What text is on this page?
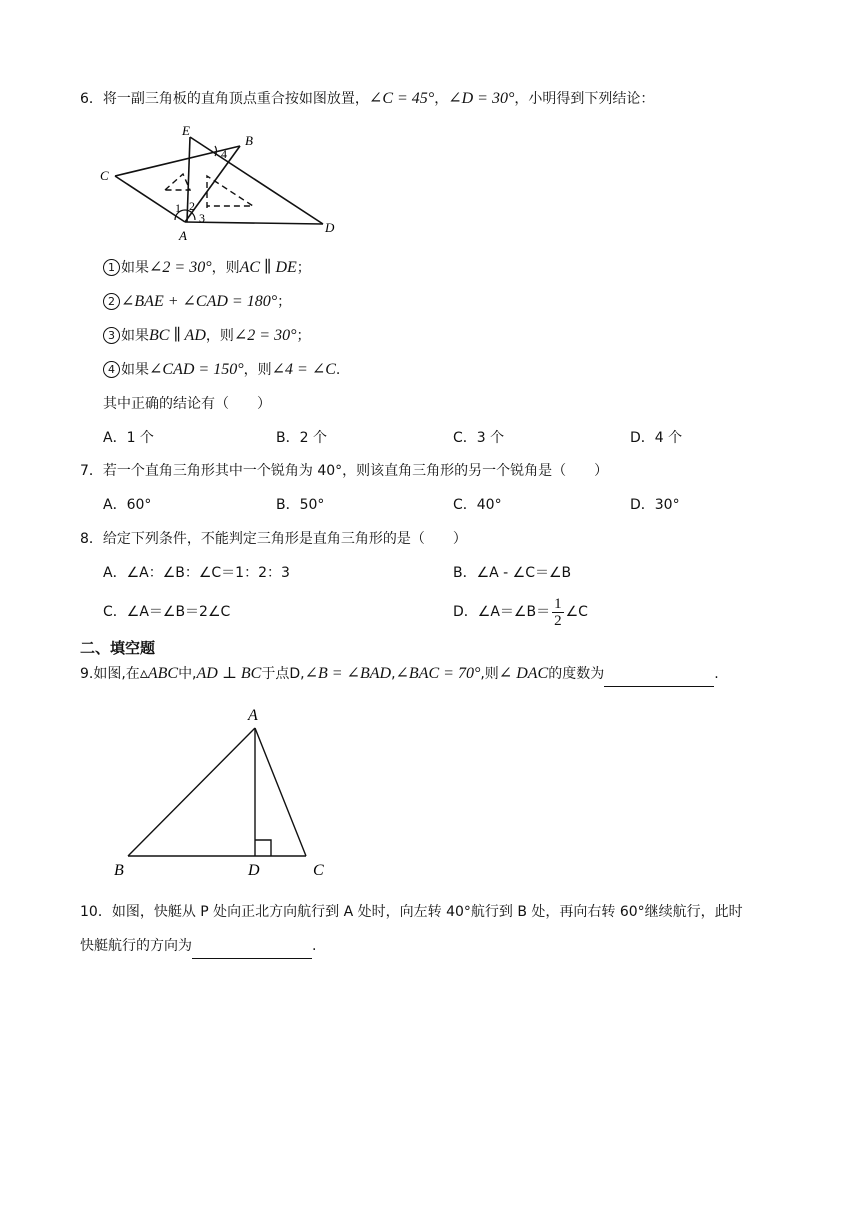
6．将一副三角板的直角顶点重合按如图放置，∠C = 45°，∠D = 30°，小明得到下列结论：
E
B
C
A
D
1 2
3
4
1 如果∠2 = 30°，则AC ∥ DE；
2 ∠BAE + ∠CAD = 180°；
3 如果BC ∥ AD，则∠2 = 30°；
4 如果∠CAD = 150°，则∠4 = ∠C.
其中正确的结论有（　　）
A．1 个	B．2 个	C．3 个	D．4 个
7．若一个直角三角形其中一个锐角为 40°，则该直角三角形的另一个锐角是（　　）
A．60°	B．50°	C．40°	D．30°
8．给定下列条件，不能判定三角形是直角三角形的是（　　）
A．∠A：∠B：∠C＝1：2：3	B．∠A - ∠C＝∠B
C．∠A＝∠B＝2∠C	D．∠A＝∠B＝ $\frac{1}{2}$ ∠C
二、填空题
9.如图,在▵ABC中,AD ⊥ BC于点D,∠B = ∠BAD,∠BAC = 70°,则∠ DAC的度数为	.
A
B	D	C
10．如图，快艇从 P 处向正北方向航行到 A 处时，向左转 40°航行到 B 处，再向右转 60°继续航行，此时
快艇航行的方向为	.
